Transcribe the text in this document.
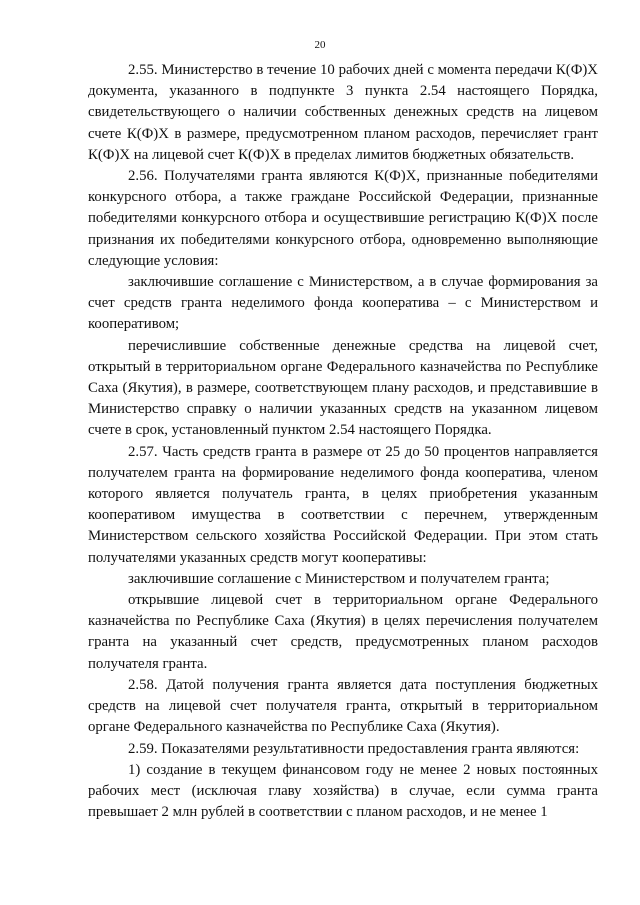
20

2.55. Министерство в течение 10 рабочих дней с момента передачи К(Ф)Х документа, указанного в подпункте 3 пункта 2.54 настоящего Порядка, свидетельствующего о наличии собственных денежных средств на лицевом счете К(Ф)Х в размере, предусмотренном планом расходов, перечисляет грант К(Ф)Х на лицевой счет К(Ф)Х в пределах лимитов бюджетных обязательств.

2.56. Получателями гранта являются К(Ф)Х, признанные победителями конкурсного отбора, а также граждане Российской Федерации, признанные победителями конкурсного отбора и осуществившие регистрацию К(Ф)Х после признания их победителями конкурсного отбора, одновременно выполняющие следующие условия:

заключившие соглашение с Министерством, а в случае формирования за счет средств гранта неделимого фонда кооператива – с Министерством и кооперативом;

перечислившие собственные денежные средства на лицевой счет, открытый в территориальном органе Федерального казначейства по Республике Саха (Якутия), в размере, соответствующем плану расходов, и представившие в Министерство справку о наличии указанных средств на указанном лицевом счете в срок, установленный пунктом 2.54 настоящего Порядка.

2.57. Часть средств гранта в размере от 25 до 50 процентов направляется получателем гранта на формирование неделимого фонда кооператива, членом которого является получатель гранта, в целях приобретения указанным кооперативом имущества в соответствии с перечнем, утвержденным Министерством сельского хозяйства Российской Федерации. При этом стать получателями указанных средств могут кооперативы:

заключившие соглашение с Министерством и получателем гранта;

открывшие лицевой счет в территориальном органе Федерального казначейства по Республике Саха (Якутия) в целях перечисления получателем гранта на указанный счет средств, предусмотренных планом расходов получателя гранта.

2.58. Датой получения гранта является дата поступления бюджетных средств на лицевой счет получателя гранта, открытый в территориальном органе Федерального казначейства по Республике Саха (Якутия).

2.59. Показателями результативности предоставления гранта являются:

1) создание в текущем финансовом году не менее 2 новых постоянных рабочих мест (исключая главу хозяйства) в случае, если сумма гранта превышает 2 млн рублей в соответствии с планом расходов, и не менее 1
